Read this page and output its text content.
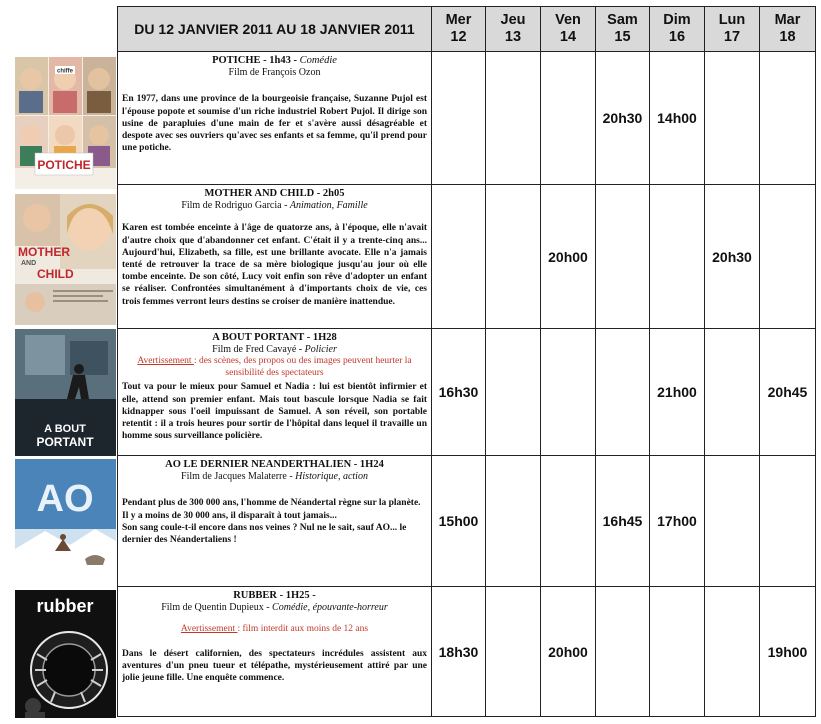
chiffe
POTICHE
MOTHER
AND
CHILD
A BOUT
PORTANT
AO
rubber
DU 12 JANVIER 2011 AU 18 JANVIER 2011	Mer
12	Jeu
13	Ven
14	Sam
15	Dim
16	Lun
17	Mar
18

POTICHE - 1h43 - Comédie
Film de François Ozon

En 1977, dans une province de la bourgeoisie française, Suzanne Pujol est l'épouse popote et soumise d'un riche industriel Robert Pujol. Il dirige son usine de parapluies d'une main de fer et s'avère aussi désagréable et despote avec ses ouvriers qu'avec ses enfants et sa femme, qu'il prend pour une potiche.				20h30	14h00		

MOTHER AND CHILD - 2h05
Film de Rodriguo Garcia - Animation, Famille

Karen est tombée enceinte à l'âge de quatorze ans, à l'époque, elle n'avait d'autre choix que d'abandonner cet enfant. C'était il y a trente-cinq ans... Aujourd'hui, Elizabeth, sa fille, est une brillante avocate. Elle n'a jamais tenté de retrouver la trace de sa mère biologique jusqu'au jour où elle tombe enceinte. De son côté, Lucy voit enfin son rêve d'adopter un enfant se réaliser. Confrontées simultanément à d'importants choix de vie, ces trois femmes verront leurs destins se croiser de manière inattendue.			20h00			20h30	

A BOUT PORTANT - 1H28
Film de Fred Cavayé - Policier
Avertissement : des scènes, des propos ou des images peuvent heurter la sensibilité des spectateurs

Tout va pour le mieux pour Samuel et Nadia : lui est bientôt infirmier et elle, attend son premier enfant. Mais tout bascule lorsque Nadia se fait kidnapper sous l'oeil impuissant de Samuel. A son réveil, son portable retentit : il a trois heures pour sortir de l'hôpital dans lequel il travaille un homme sous surveillance policière.	16h30				21h00		20h45

AO LE DERNIER NEANDERTHALIEN - 1H24
Film de Jacques Malaterre - Historique, action

Pendant plus de 300 000 ans, l'homme de Néandertal règne sur la planète.

Il y a moins de 30 000 ans, il disparaît à tout jamais...

Son sang coule-t-il encore dans nos veines ? Nul ne le sait, sauf AO... le dernier des Néandertaliens !	15h00			16h45	17h00		

RUBBER - 1H25 -
Film de Quentin Dupieux - Comédie, épouvante-horreur
Avertissement : film interdit aux moins de 12 ans

Dans le désert californien, des spectateurs incrédules assistent aux aventures d'un pneu tueur et télépathe, mystérieusement attiré par une jolie jeune fille. Une enquête commence.	18h30		20h00				19h00
